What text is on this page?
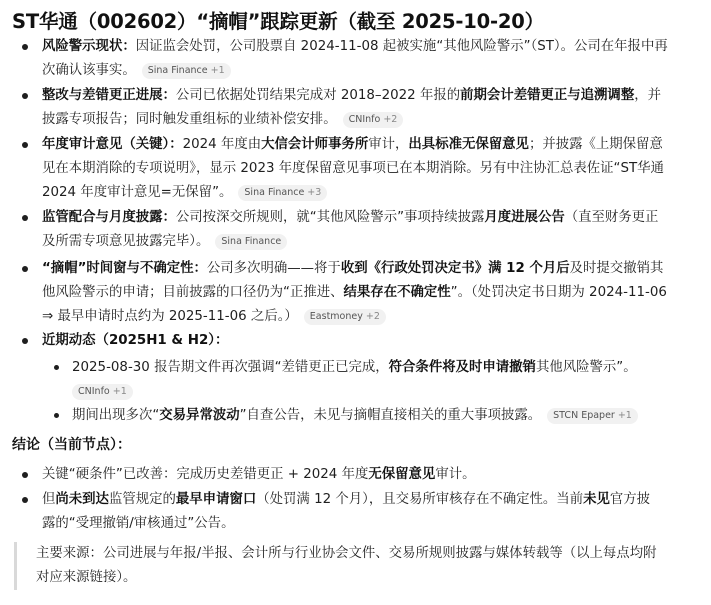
ST华通（002602）“摘帽”跟踪更新（截至 2025-10-20）
风险警示现状：因证监会处罚，公司股票自 2024-11-08 起被实施“其他风险警示”（ST）。公司在年报中再
次确认该事实。 Sina Finance +1
整改与差错更正进展：公司已依据处罚结果完成对 2018–2022 年报的前期会计差错更正与追溯调整，并
披露专项报告；同时触发重组标的业绩补偿安排。 CNInfo +2
年度审计意见（关键）：2024 年度由大信会计师事务所审计，出具标准无保留意见；并披露《上期保留意
见在本期消除的专项说明》，显示 2023 年度保留意见事项已在本期消除。另有中注协汇总表佐证“ST华通
2024 年度审计意见=无保留”。 Sina Finance +3
监管配合与月度披露：公司按深交所规则，就“其他风险警示”事项持续披露月度进展公告（直至财务更正
及所需专项意见披露完毕）。 Sina Finance
“摘帽”时间窗与不确定性：公司多次明确——将于收到《行政处罚决定书》满 12 个月后及时提交撤销其
他风险警示的申请；目前披露的口径仍为“正推进、结果存在不确定性”。（处罚决定书日期为 2024-11-06
⇒ 最早申请时点约为 2025-11-06 之后。） Eastmoney +2
近期动态（2025H1 & H2）：
2025-08-30 报告期文件再次强调“差错更正已完成，符合条件将及时申请撤销其他风险警示”。
CNInfo +1
期间出现多次“交易异常波动”自查公告，未见与摘帽直接相关的重大事项披露。 STCN Epaper +1
结论（当前节点）：
关键“硬条件”已改善：完成历史差错更正 + 2024 年度无保留意见审计。
但尚未到达监管规定的最早申请窗口（处罚满 12 个月），且交易所审核存在不确定性。当前未见官方披
露的“受理撤销/审核通过”公告。
主要来源：公司进展与年报/半报、会计所与行业协会文件、交易所规则披露与媒体转载等（以上每点均附
对应来源链接）。
